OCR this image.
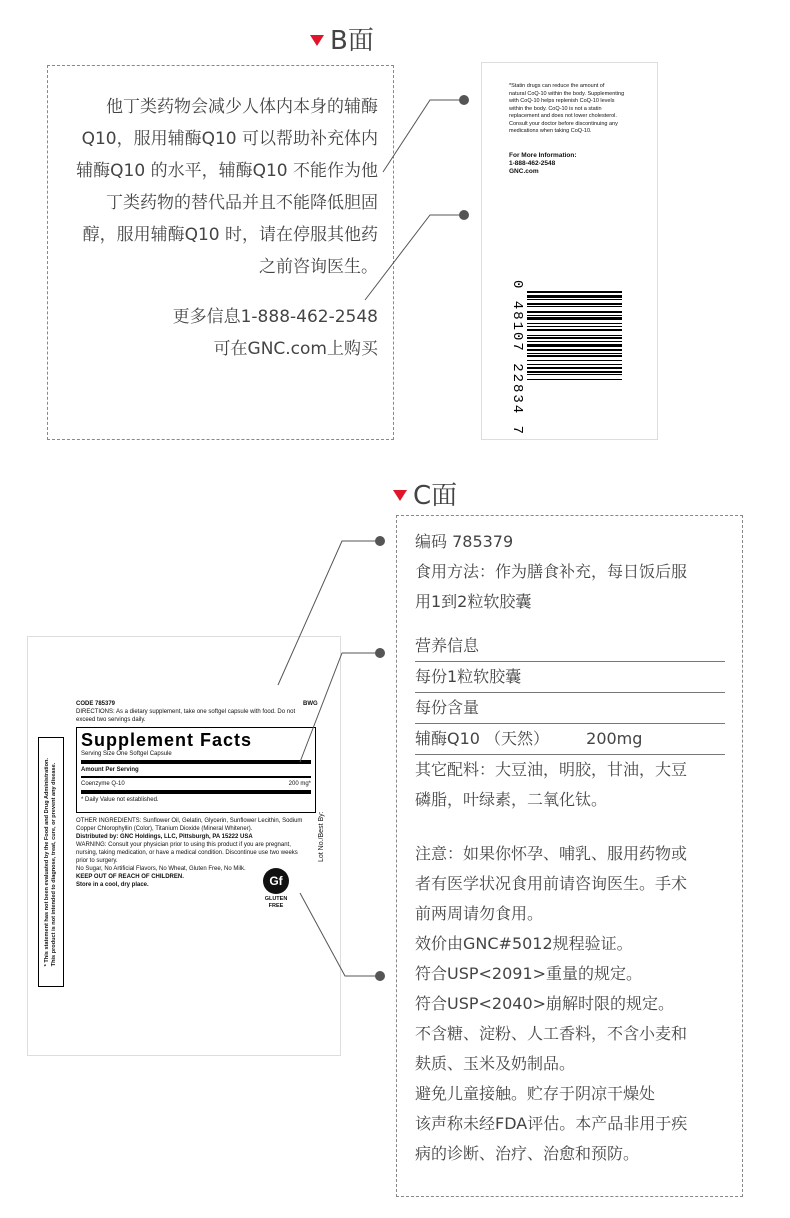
B面
他丁类药物会减少人体内本身的辅酶
Q10，服用辅酶Q10 可以帮助补充体内
辅酶Q10 的水平，辅酶Q10 不能作为他
丁类药物的替代品并且不能降低胆固
醇，服用辅酶Q10 时，请在停服其他药
之前咨询医生。
更多信息1-888-462-2548
可在GNC.com上购买
*Statin drugs can reduce the amount of
natural CoQ-10 within the body. Supplementing
with CoQ-10 helps replenish CoQ-10 levels
within the body. CoQ-10 is not a statin
replacement and does not lower cholesterol.
Consult your doctor before discontinuing any
medications when taking CoQ-10.
For More Information:
1-888-462-2548
GNC.com
0 48107 22834 7
C面
CODE 785379	BWG
DIRECTIONS: As a dietary supplement, take one softgel capsule with food. Do not
exceed two servings daily.
Supplement Facts
Serving Size One Softgel Capsule
Amount Per Serving
Coenzyme Q-10	200 mg*
* Daily Value not established.
OTHER INGREDIENTS: Sunflower Oil, Gelatin, Glycerin, Sunflower Lecithin, Sodium
Copper Chlorophyllin (Color), Titanium Dioxide (Mineral Whitener).
Distributed by: GNC Holdings, LLC, Pittsburgh, PA 15222 USA
WARNING: Consult your physician prior to using this product if you are pregnant,
nursing, taking medication, or have a medical condition. Discontinue use two weeks
prior to surgery.
No Sugar, No Artificial Flavors, No Wheat, Gluten Free, No Milk.
KEEP OUT OF REACH OF CHILDREN.
Store in a cool, dry place.	Gf
GLUTEN
FREE
Lot No./Best By:
* This statement has not been evaluated by the Food and Drug Administration. This product is not intended to diagnose, treat, cure, or prevent any disease.
编码 785379
食用方法：作为膳食补充，每日饭后服
用1到2粒软胶囊
营养信息
每份1粒软胶囊
每份含量
辅酶Q10 （天然） 200mg
其它配料：大豆油，明胶，甘油，大豆
磷脂，叶绿素，二氧化钛。
注意：如果你怀孕、哺乳、服用药物或
者有医学状况食用前请咨询医生。手术
前两周请勿食用。
效价由GNC#5012规程验证。
符合USP<2091>重量的规定。
符合USP<2040>崩解时限的规定。
不含糖、淀粉、人工香料，不含小麦和
麸质、玉米及奶制品。
避免儿童接触。贮存于阴凉干燥处
该声称未经FDA评估。本产品非用于疾
病的诊断、治疗、治愈和预防。
